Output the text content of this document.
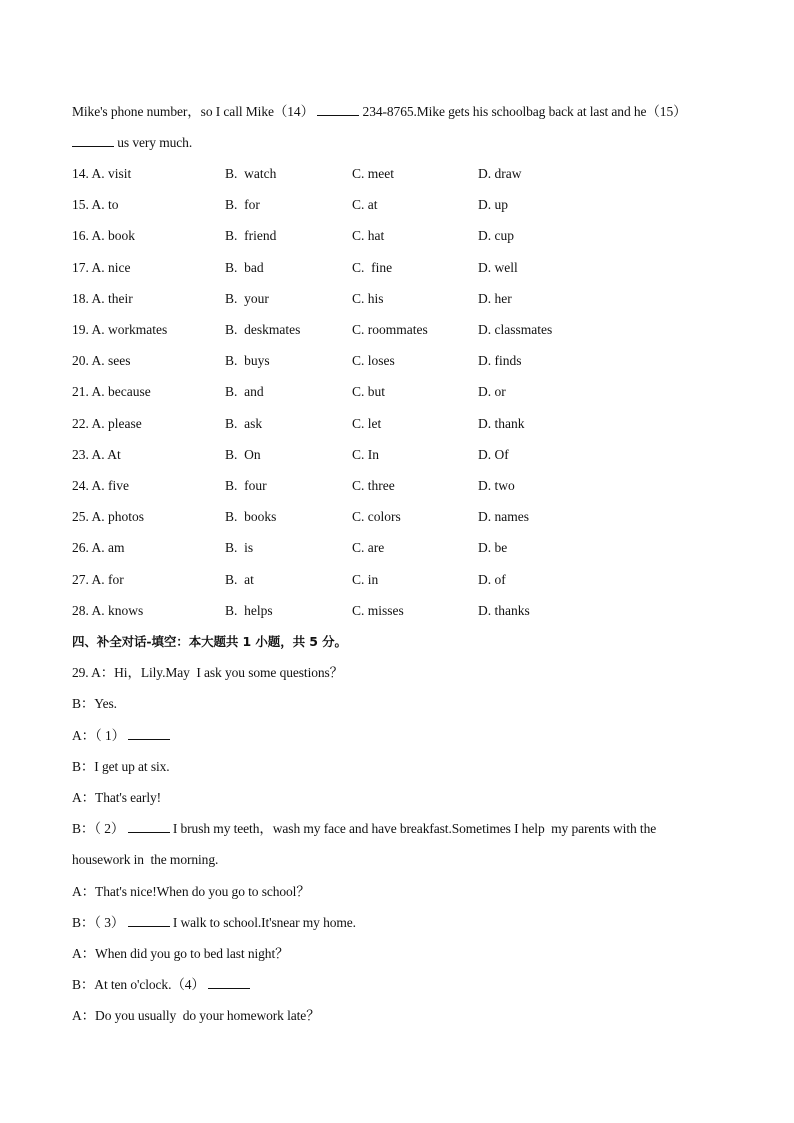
Mike's phone number，so I call Mike（14）	234-8765.Mike gets his schoolbag back at last and he（15）
us very much.
14. A. visit	B.  watch	C. meet	D. draw
15. A. to	B.  for	C. at	D. up
16. A. book	B.  friend	C. hat	D. cup
17. A. nice	B.  bad	C.  fine	D. well
18. A. their	B.  your	C. his	D. her
19. A. workmates	B.  deskmates	C. roommates	D. classmates
20. A. sees	B.  buys	C. loses	D. finds
21. A. because	B.  and	C. but	D. or
22. A. please	B.  ask	C. let	D. thank
23. A. At	B.  On	C. In	D. Of
24. A. five	B.  four	C. three	D. two
25. A. photos	B.  books	C. colors	D. names
26. A. am	B.  is	C. are	D. be
27. A. for	B.  at	C. in	D. of
28. A. knows	B.  helps	C. misses	D. thanks
四、补全对话-填空：本大题共 1 小题，共 5 分。
29. A：Hi，Lily.May  I ask you some questions？
B：Yes.
A：（ 1）
B：I get up at six.
A：That's early!
B：（ 2）	I brush my teeth，wash my face and have breakfast.Sometimes I help  my parents with the
housework in  the morning.
A：That's nice!When do you go to school？
B：（ 3）	I walk to school.It'snear my home.
A：When did you go to bed last night？
B：At ten o'clock.（4）
A：Do you usually  do your homework late？
